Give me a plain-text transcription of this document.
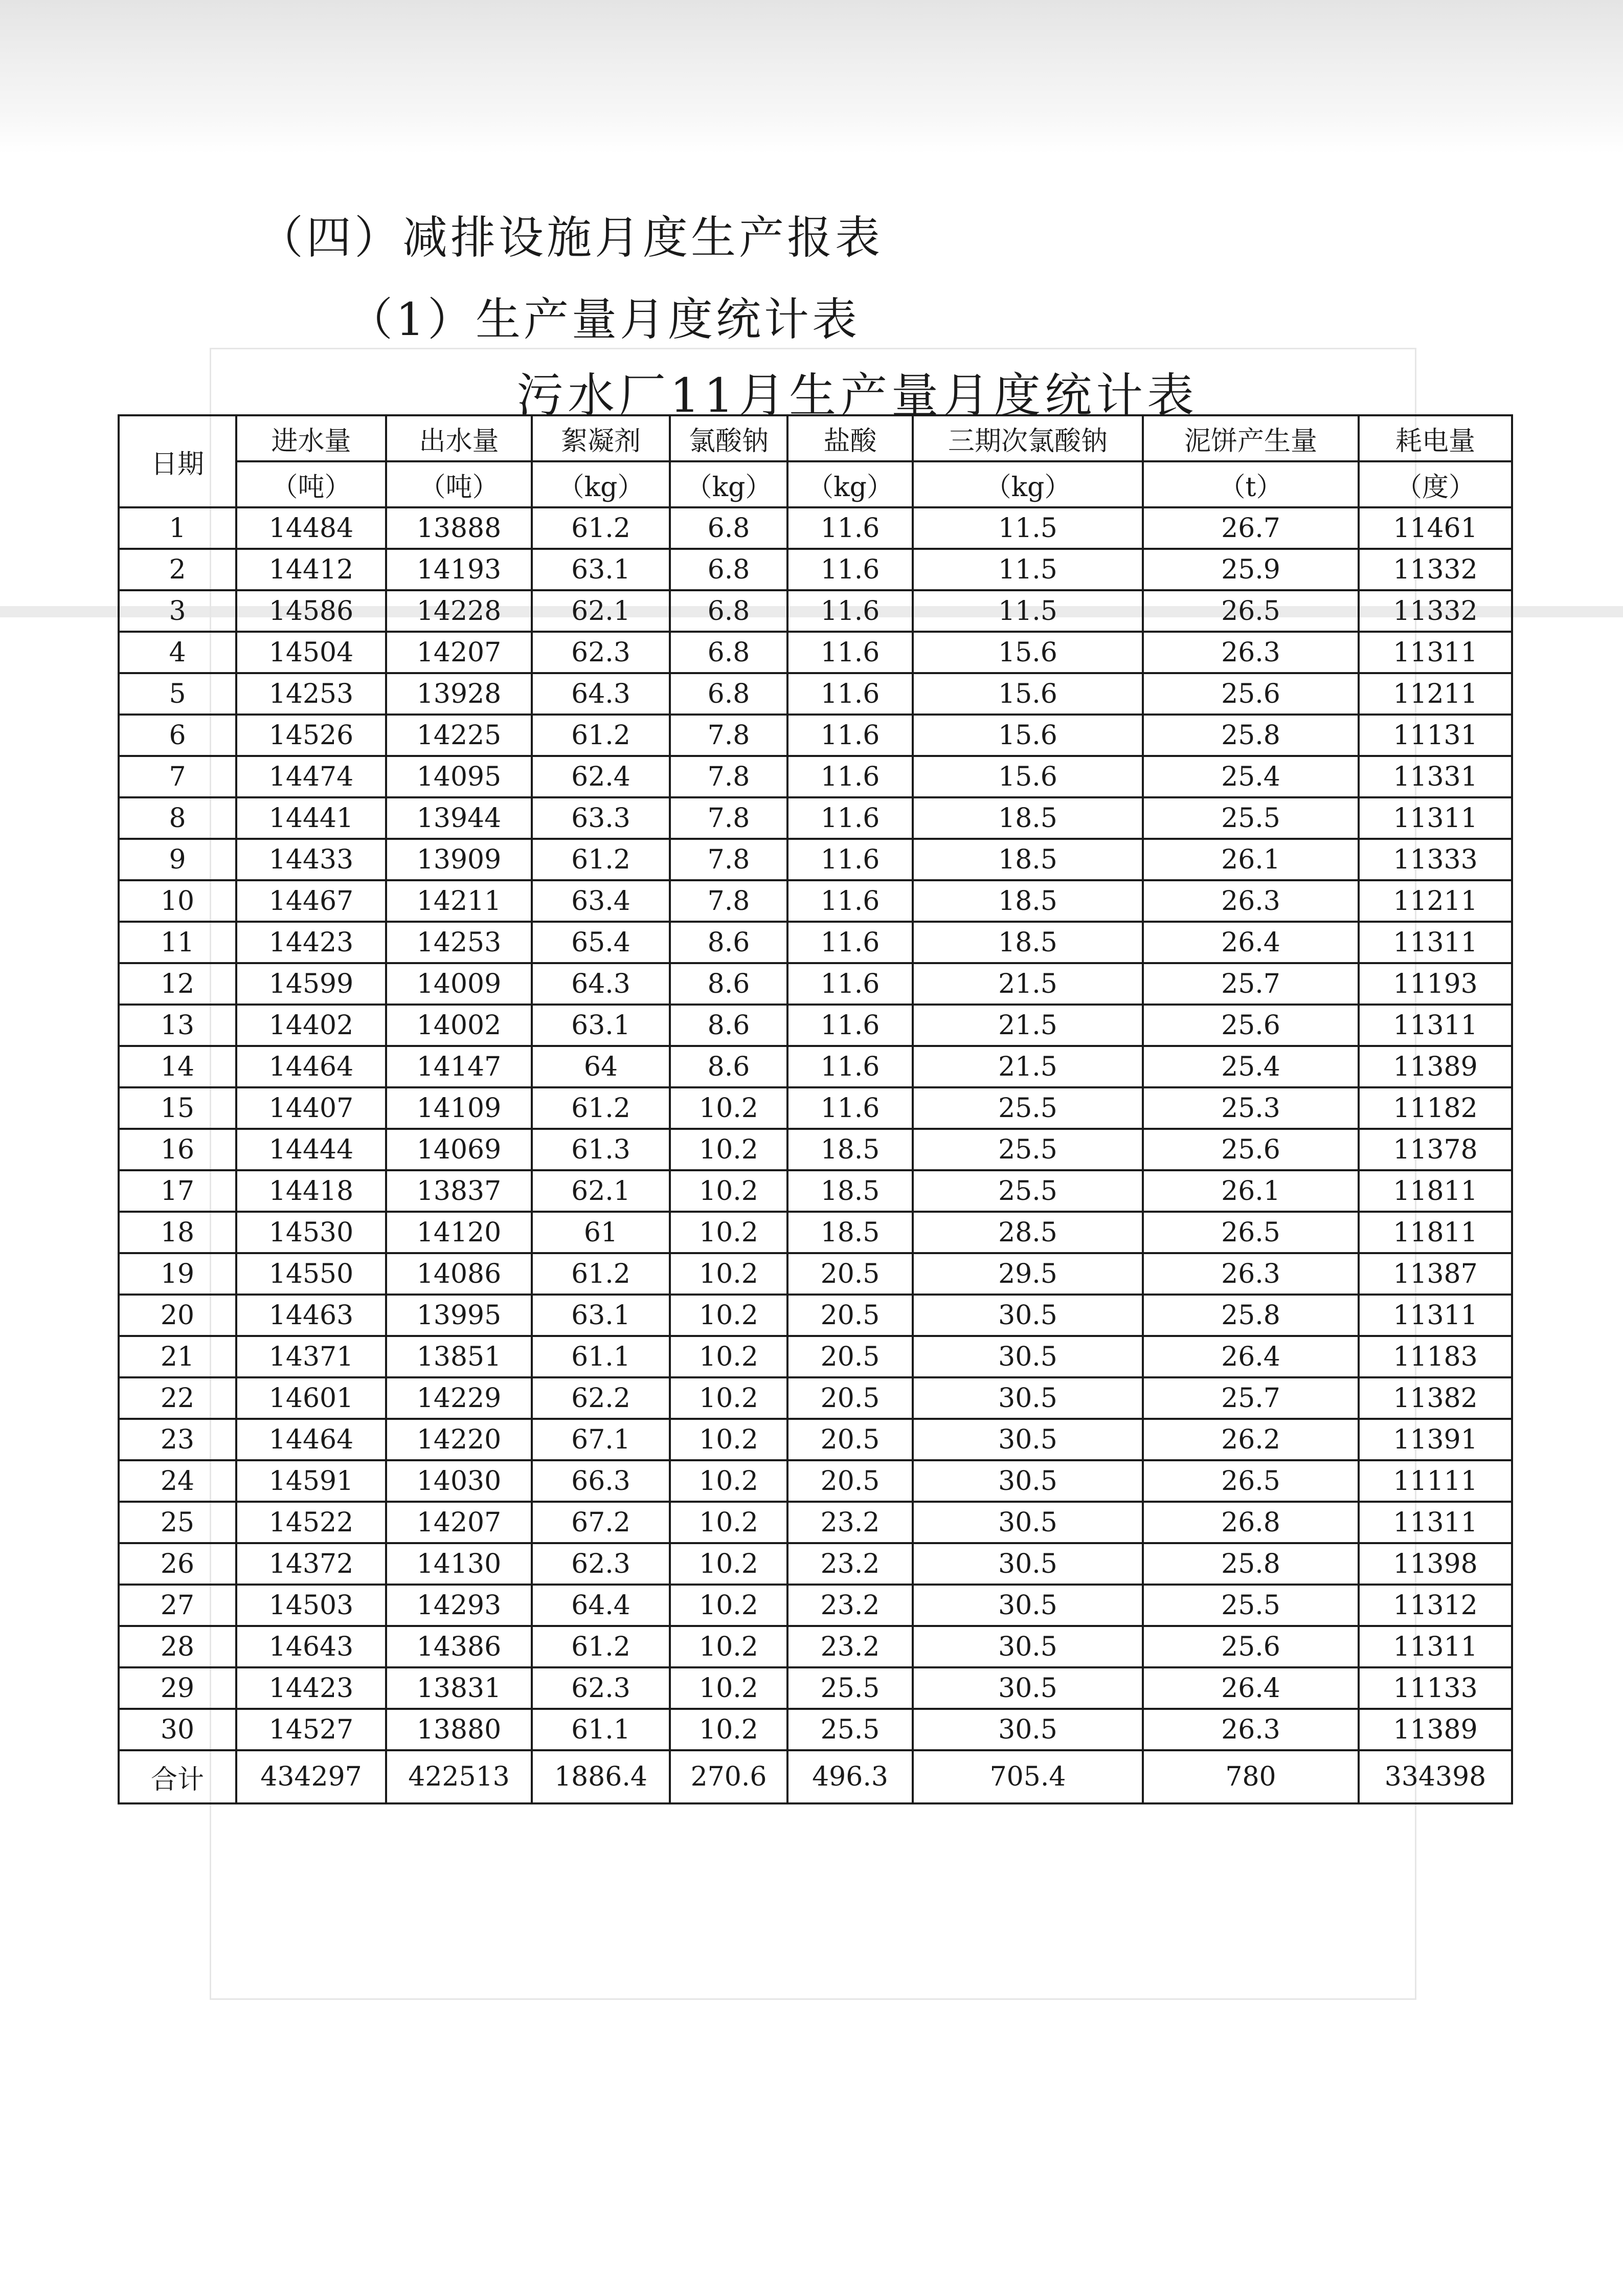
（四）减排设施月度生产报表
（1）生产量月度统计表
污水厂11月生产量月度统计表
日期	进水量	出水量	絮凝剂	氯酸钠	盐酸	三期次氯酸钠	泥饼产生量	耗电量
	（吨）	（吨）	（kg）	（kg）	（kg）	（kg）	（t）	（度）
1	14484	13888	61.2	6.8	11.6	11.5	26.7	11461
2	14412	14193	63.1	6.8	11.6	11.5	25.9	11332
3	14586	14228	62.1	6.8	11.6	11.5	26.5	11332
4	14504	14207	62.3	6.8	11.6	15.6	26.3	11311
5	14253	13928	64.3	6.8	11.6	15.6	25.6	11211
6	14526	14225	61.2	7.8	11.6	15.6	25.8	11131
7	14474	14095	62.4	7.8	11.6	15.6	25.4	11331
8	14441	13944	63.3	7.8	11.6	18.5	25.5	11311
9	14433	13909	61.2	7.8	11.6	18.5	26.1	11333
10	14467	14211	63.4	7.8	11.6	18.5	26.3	11211
11	14423	14253	65.4	8.6	11.6	18.5	26.4	11311
12	14599	14009	64.3	8.6	11.6	21.5	25.7	11193
13	14402	14002	63.1	8.6	11.6	21.5	25.6	11311
14	14464	14147	64	8.6	11.6	21.5	25.4	11389
15	14407	14109	61.2	10.2	11.6	25.5	25.3	11182
16	14444	14069	61.3	10.2	18.5	25.5	25.6	11378
17	14418	13837	62.1	10.2	18.5	25.5	26.1	11811
18	14530	14120	61	10.2	18.5	28.5	26.5	11811
19	14550	14086	61.2	10.2	20.5	29.5	26.3	11387
20	14463	13995	63.1	10.2	20.5	30.5	25.8	11311
21	14371	13851	61.1	10.2	20.5	30.5	26.4	11183
22	14601	14229	62.2	10.2	20.5	30.5	25.7	11382
23	14464	14220	67.1	10.2	20.5	30.5	26.2	11391
24	14591	14030	66.3	10.2	20.5	30.5	26.5	11111
25	14522	14207	67.2	10.2	23.2	30.5	26.8	11311
26	14372	14130	62.3	10.2	23.2	30.5	25.8	11398
27	14503	14293	64.4	10.2	23.2	30.5	25.5	11312
28	14643	14386	61.2	10.2	23.2	30.5	25.6	11311
29	14423	13831	62.3	10.2	25.5	30.5	26.4	11133
30	14527	13880	61.1	10.2	25.5	30.5	26.3	11389
合计	434297	422513	1886.4	270.6	496.3	705.4	780	334398
